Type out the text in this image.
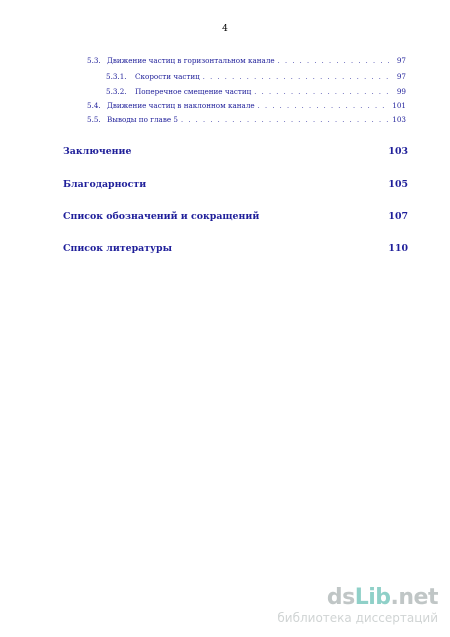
4
5.3. Движение частиц в горизонтальном канале . . .	97
5.3.1.	Скорости частиц . . .	97
5.3.2.	Поперечное смещение частиц . . .	99
5.4. Движение частиц в наклонном канале . . .	101
5.5. Выводы по главе 5 . . .	103
Заключение	103
Благодарности	105
Список обозначений и сокращений	107
Список литературы	110
dsLib.net
библиотека диссертаций
